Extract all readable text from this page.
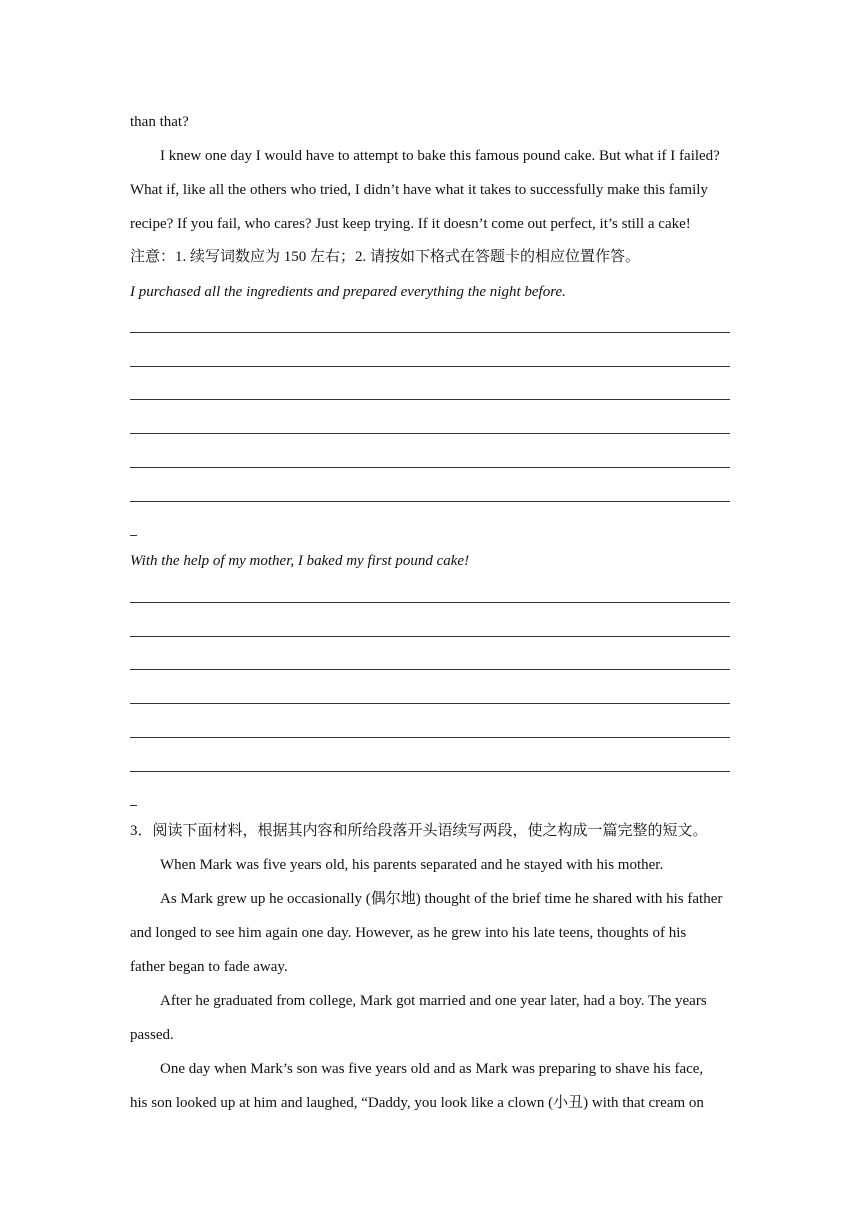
than that?
I knew one day I would have to attempt to bake this famous pound cake. But what if I failed?
What if, like all the others who tried, I didn’t have what it takes to successfully make this family
recipe? If you fail, who cares? Just keep trying. If it doesn’t come out perfect, it’s still a cake!
注意：1. 续写词数应为 150 左右；2. 请按如下格式在答题卡的相应位置作答。
I purchased all the ingredients and prepared everything the night before.
With the help of my mother, I baked my first pound cake!
3．阅读下面材料，根据其内容和所给段落开头语续写两段，使之构成一篇完整的短文。
When Mark was five years old, his parents separated and he stayed with his mother.
As Mark grew up he occasionally (偶尔地) thought of the brief time he shared with his father
and longed to see him again one day. However, as he grew into his late teens, thoughts of his
father began to fade away.
After he graduated from college, Mark got married and one year later, had a boy. The years
passed.
One day when Mark’s son was five years old and as Mark was preparing to shave his face,
his son looked up at him and laughed, “Daddy, you look like a clown (小丑) with that cream on
